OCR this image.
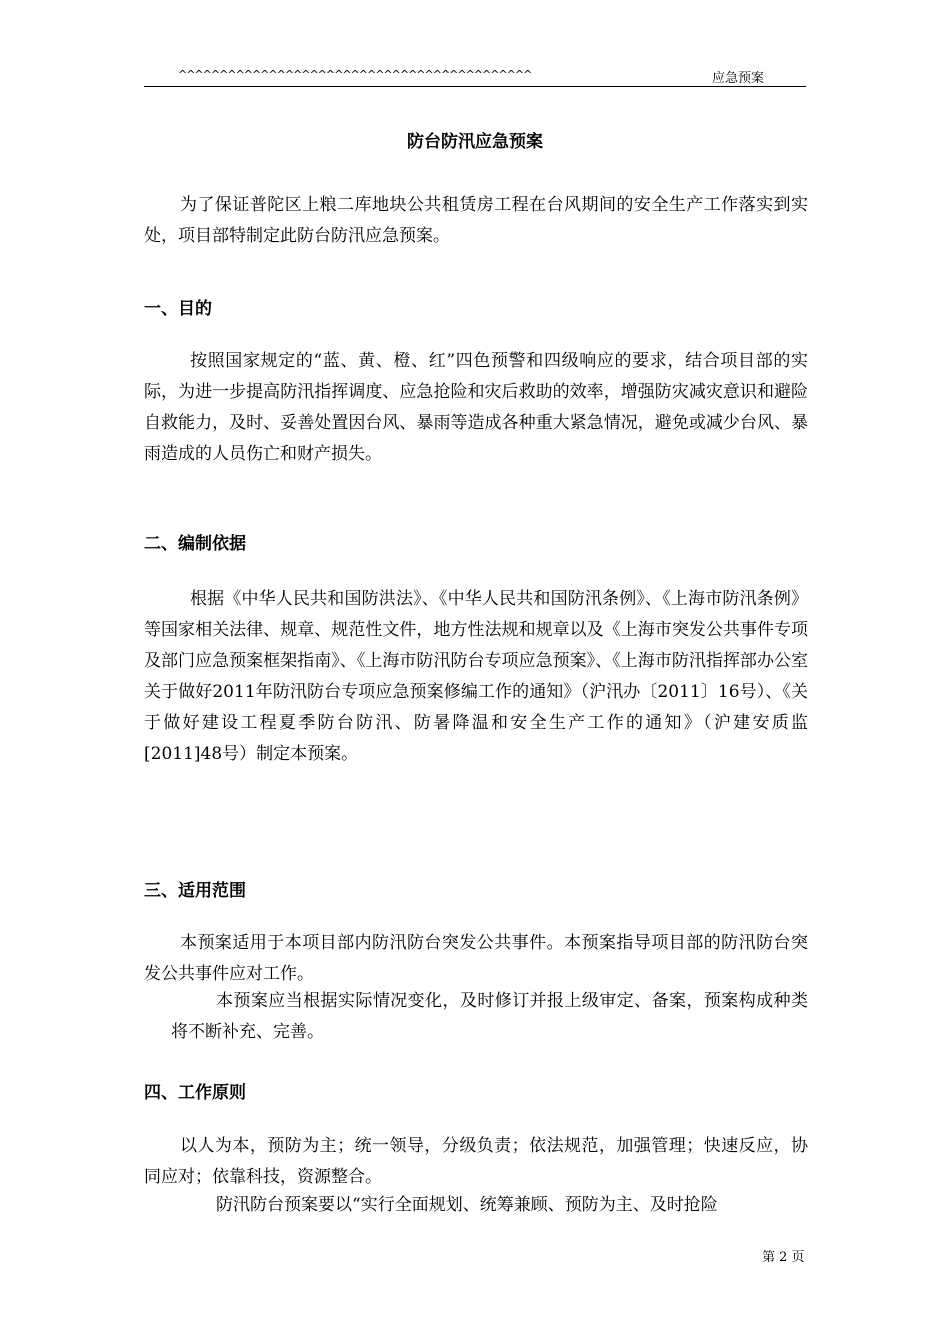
^^^^^^^^^^^^^^^^^^^^^^^^^^^^^^^^^^^^^^^^^^^	应急预案
防台防汛应急预案
为了保证普陀区上粮二库地块公共租赁房工程在台风期间的安全生产工作落实到实处，项目部特制定此防台防汛应急预案。
一、目的
按照国家规定的“蓝、黄、橙、红”四色预警和四级响应的要求，结合项目部的实际，为进一步提高防汛指挥调度、应急抢险和灾后救助的效率，增强防灾减灾意识和避险自救能力，及时、妥善处置因台风、暴雨等造成各种重大紧急情况，避免或减少台风、暴雨造成的人员伤亡和财产损失。
二、编制依据
根据《中华人民共和国防洪法》、《中华人民共和国防汛条例》、《上海市防汛条例》等国家相关法律、规章、规范性文件，地方性法规和规章以及《上海市突发公共事件专项及部门应急预案框架指南》、《上海市防汛防台专项应急预案》、《上海市防汛指挥部办公室关于做好2011年防汛防台专项应急预案修编工作的通知》（沪汛办〔2011〕16号）、《关于做好建设工程夏季防台防汛、防暑降温和安全生产工作的通知》（沪建安质监[2011]48号）制定本预案。
三、适用范围
本预案适用于本项目部内防汛防台突发公共事件。本预案指导项目部的防汛防台突发公共事件应对工作。
本预案应当根据实际情况变化，及时修订并报上级审定、备案，预案构成种类将不断补充、完善。
四、工作原则
以人为本，预防为主；统一领导，分级负责；依法规范，加强管理；快速反应，协同应对；依靠科技，资源整合。
防汛防台预案要以“实行全面规划、统筹兼顾、预防为主、及时抢险
第 2 页
